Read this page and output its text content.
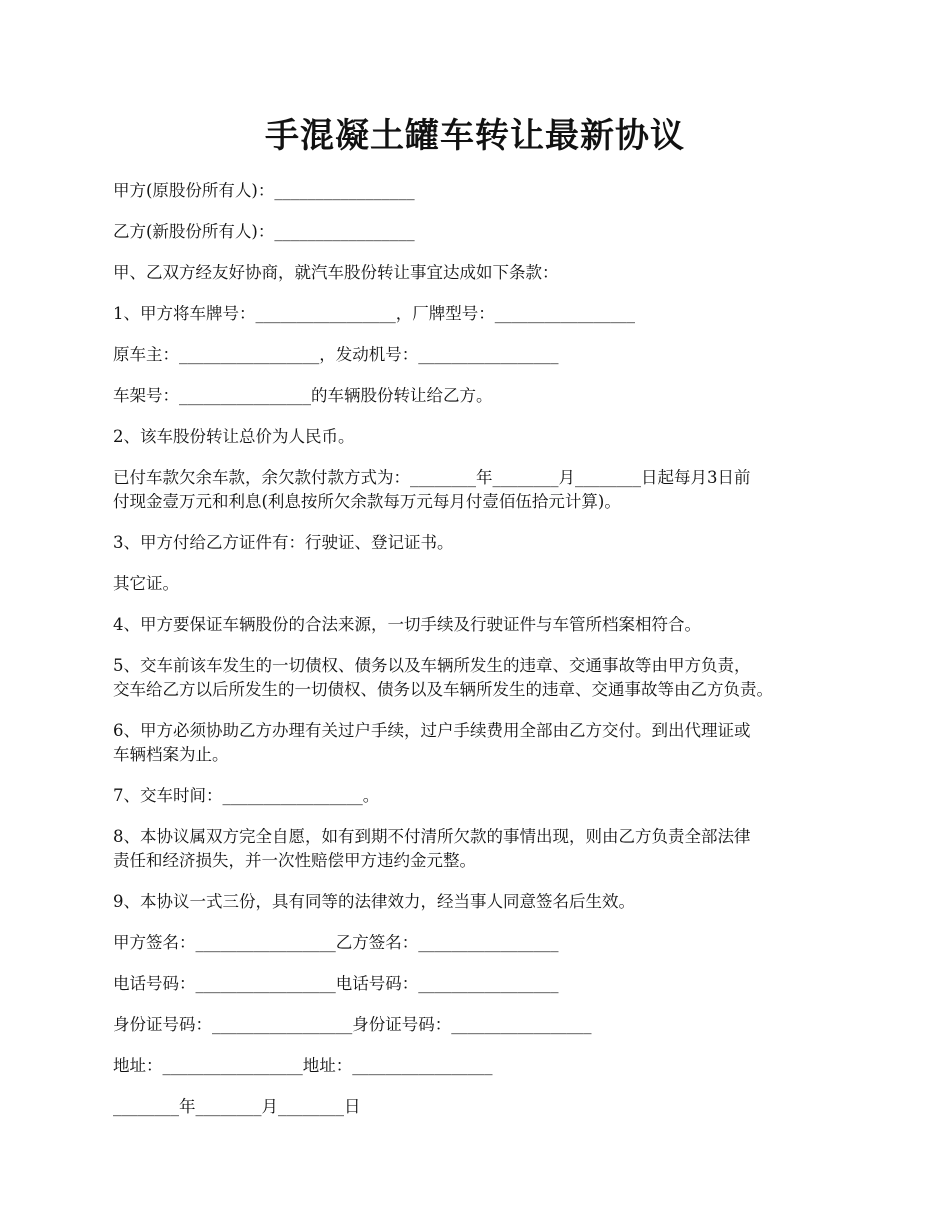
手混凝土罐车转让最新协议

甲方(原股份所有人)：_________________

乙方(新股份所有人)：_________________

甲、乙双方经友好协商，就汽车股份转让事宜达成如下条款：

1、甲方将车牌号：_________________，厂牌型号：_________________

原车主：_________________，发动机号：_________________

车架号：________________的车辆股份转让给乙方。

2、该车股份转让总价为人民币。

已付车款欠余车款，余欠款付款方式为：________年________月________日起每月3日前
付现金壹万元和利息(利息按所欠余款每万元每月付壹佰伍拾元计算)。

3、甲方付给乙方证件有：行驶证、登记证书。

其它证。

4、甲方要保证车辆股份的合法来源，一切手续及行驶证件与车管所档案相符合。

5、交车前该车发生的一切债权、债务以及车辆所发生的违章、交通事故等由甲方负责，
交车给乙方以后所发生的一切债权、债务以及车辆所发生的违章、交通事故等由乙方负责。

6、甲方必须协助乙方办理有关过户手续，过户手续费用全部由乙方交付。到出代理证或
车辆档案为止。

7、交车时间：_________________。

8、本协议属双方完全自愿，如有到期不付清所欠款的事情出现，则由乙方负责全部法律
责任和经济损失，并一次性赔偿甲方违约金元整。

9、本协议一式三份，具有同等的法律效力，经当事人同意签名后生效。

甲方签名：_________________乙方签名：_________________

电话号码：_________________电话号码：_________________

身份证号码：_________________身份证号码：_________________

地址：_________________地址：_________________

________年________月________日
